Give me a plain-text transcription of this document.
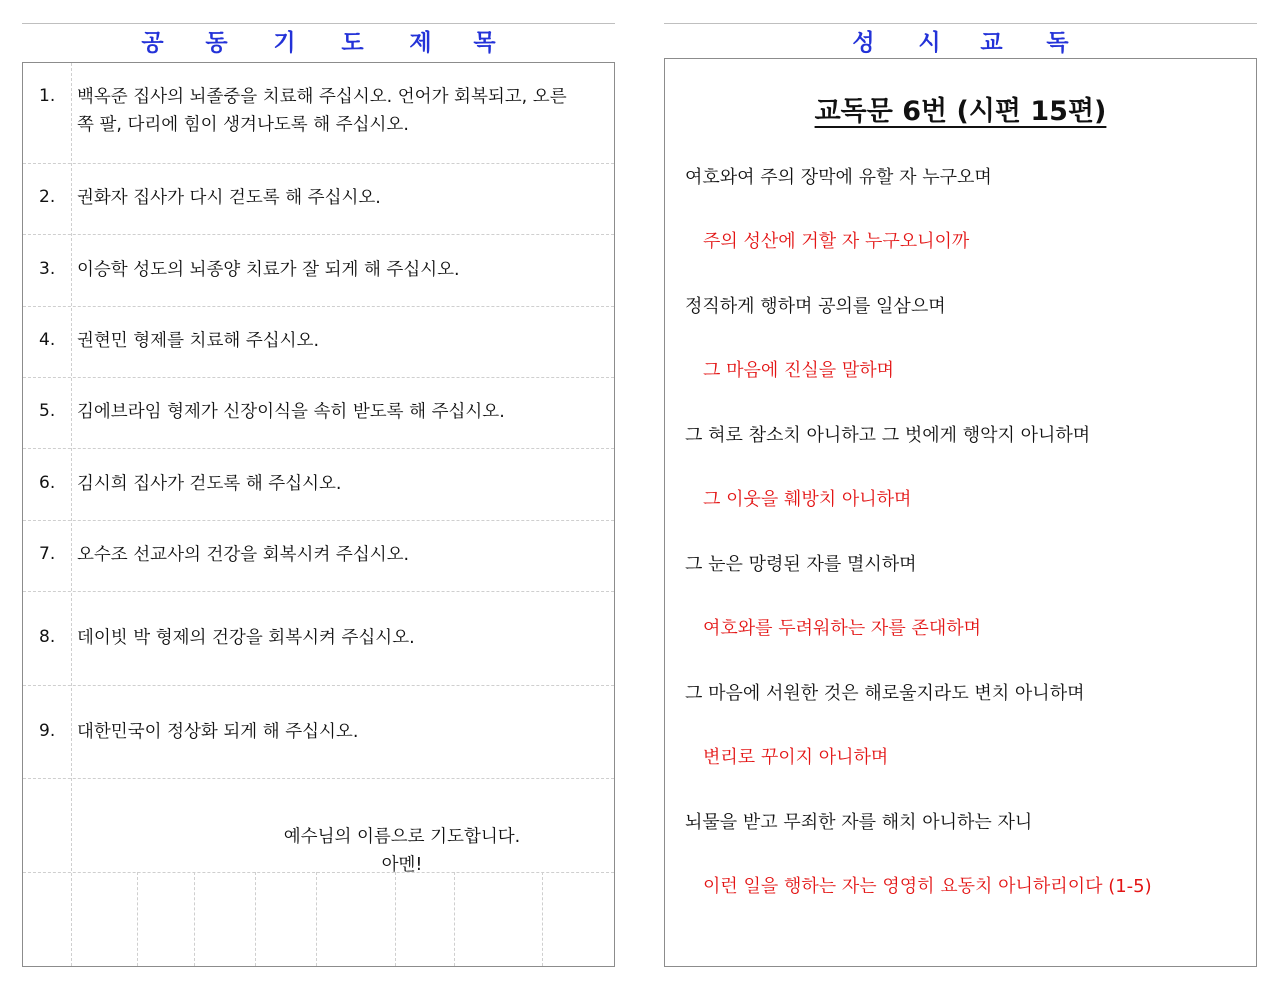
공	동	기	도	제	목
1. 백옥준 집사의 뇌졸중을 치료해 주십시오. 언어가 회복되고, 오른쪽 팔, 다리에 힘이 생겨나도록 해 주십시오.
2. 권화자 집사가 다시 걷도록 해 주십시오.
3. 이승학 성도의 뇌종양 치료가 잘 되게 해 주십시오.
4. 권현민 형제를 치료해 주십시오.
5. 김에브라임 형제가 신장이식을 속히 받도록 해 주십시오.
6. 김시희 집사가 걷도록 해 주십시오.
7. 오수조 선교사의 건강을 회복시켜 주십시오.
8. 데이빗 박 형제의 건강을 회복시켜 주십시오.
9. 대한민국이 정상화 되게 해 주십시오.
예수님의 이름으로 기도합니다.
아멘!
성	시	교	독
교독문 6번 (시편 15편)
여호와여 주의 장막에 유할 자 누구오며
주의 성산에 거할 자 누구오니이까
정직하게 행하며 공의를 일삼으며
그 마음에 진실을 말하며
그 혀로 참소치 아니하고 그 벗에게 행악지 아니하며
그 이웃을 훼방치 아니하며
그 눈은 망령된 자를 멸시하며
여호와를 두려워하는 자를 존대하며
그 마음에 서원한 것은 해로울지라도 변치 아니하며
변리로 꾸이지 아니하며
뇌물을 받고 무죄한 자를 해치 아니하는 자니
이런 일을 행하는 자는 영영히 요동치 아니하리이다 (1-5)
